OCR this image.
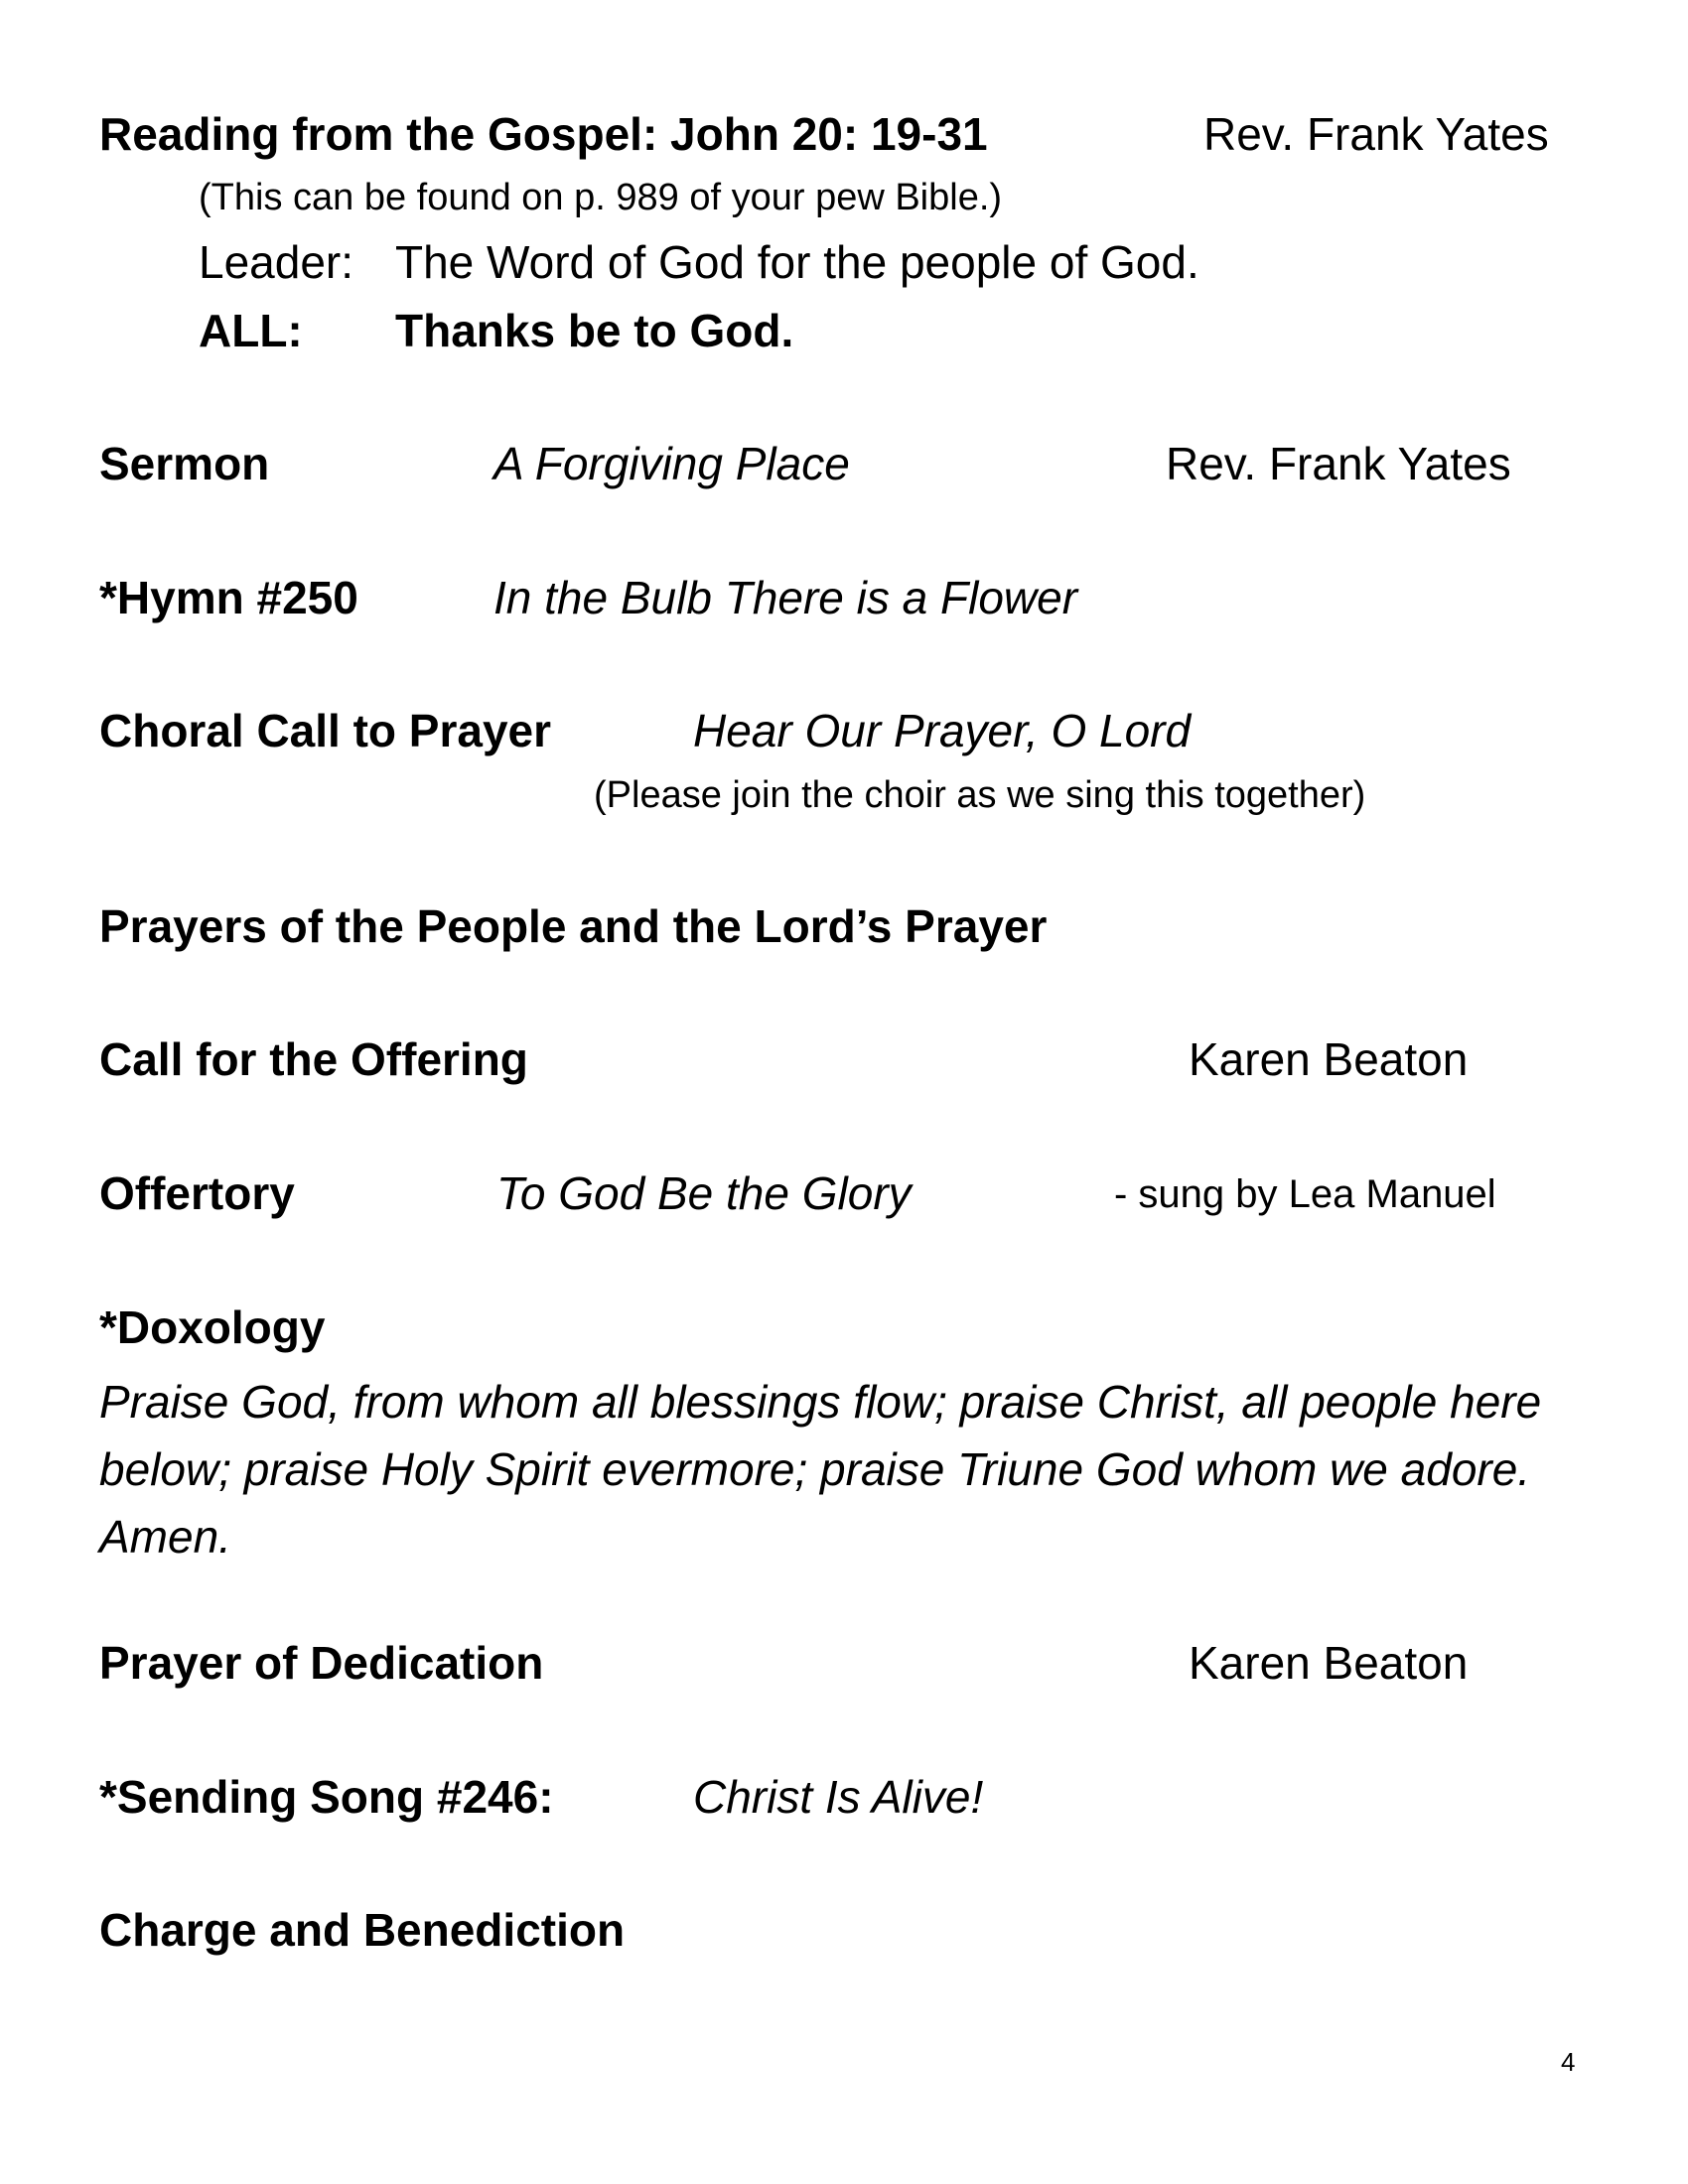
Reading from the Gospel: John 20: 19-31	Rev. Frank Yates
(This can be found on p. 989 of your pew Bible.)
Leader: The Word of God for the people of God.
ALL: Thanks be to God.
Sermon	A Forgiving Place	Rev. Frank Yates
*Hymn #250	In the Bulb There is a Flower
Choral Call to Prayer	Hear Our Prayer, O Lord
(Please join the choir as we sing this together)
Prayers of the People and the Lord’s Prayer
Call for the Offering	Karen Beaton
Offertory	To God Be the Glory	- sung by Lea Manuel
*Doxology

Praise God, from whom all blessings flow; praise Christ, all people here below; praise Holy Spirit evermore; praise Triune God whom we adore. Amen.

Prayer of Dedication	Karen Beaton
*Sending Song #246:	Christ Is Alive!
Charge and Benediction
4
